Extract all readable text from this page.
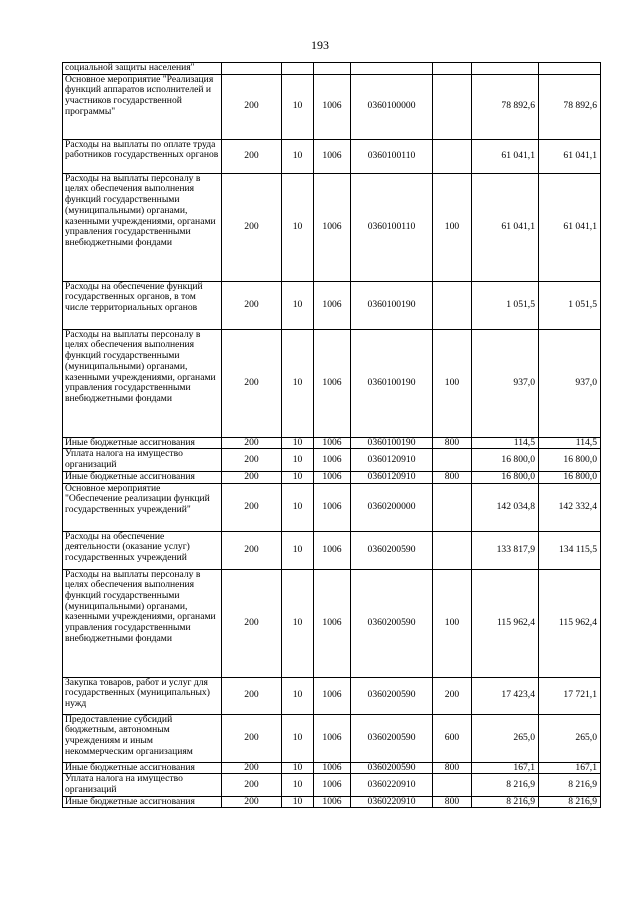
193
социальной защиты населения"							
Основное мероприятие "Реализация функций аппаратов исполнителей и участников государственной программы"	200	10	1006	0360100000		78 892,6	78 892,6
Расходы на выплаты по оплате труда работников государственных органов	200	10	1006	0360100110		61 041,1	61 041,1
Расходы на выплаты персоналу в целях обеспечения выполнения функций государственными (муниципальными) органами, казенными учреждениями, органами управления государственными внебюджетными фондами	200	10	1006	0360100110	100	61 041,1	61 041,1
Расходы на обеспечение функций государственных органов, в том числе территориальных органов	200	10	1006	0360100190		1 051,5	1 051,5
Расходы на выплаты персоналу в целях обеспечения выполнения функций государственными (муниципальными) органами, казенными учреждениями, органами управления государственными внебюджетными фондами	200	10	1006	0360100190	100	937,0	937,0
Иные бюджетные ассигнования	200	10	1006	0360100190	800	114,5	114,5
Уплата налога на имущество организаций	200	10	1006	0360120910		16 800,0	16 800,0
Иные бюджетные ассигнования	200	10	1006	0360120910	800	16 800,0	16 800,0
Основное мероприятие "Обеспечение реализации функций государственных учреждений"	200	10	1006	0360200000		142 034,8	142 332,4
Расходы на обеспечение деятельности (оказание услуг) государственных учреждений	200	10	1006	0360200590		133 817,9	134 115,5
Расходы на выплаты персоналу в целях обеспечения выполнения функций государственными (муниципальными) органами, казенными учреждениями, органами управления государственными внебюджетными фондами	200	10	1006	0360200590	100	115 962,4	115 962,4
Закупка товаров, работ и услуг для государственных (муниципальных) нужд	200	10	1006	0360200590	200	17 423,4	17 721,1
Предоставление субсидий бюджетным, автономным учреждениям и иным некоммерческим организациям	200	10	1006	0360200590	600	265,0	265,0
Иные бюджетные ассигнования	200	10	1006	0360200590	800	167,1	167,1
Уплата налога на имущество организаций	200	10	1006	0360220910		8 216,9	8 216,9
Иные бюджетные ассигнования	200	10	1006	0360220910	800	8 216,9	8 216,9
